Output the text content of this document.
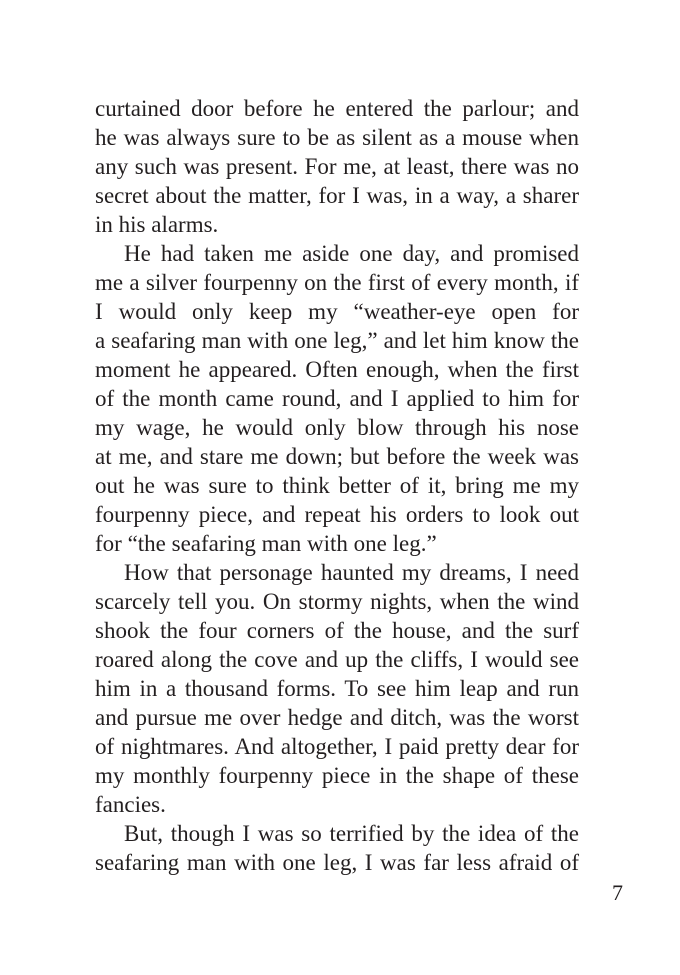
curtained door before he entered the parlour; and
he was always sure to be as silent as a mouse when
any such was present. For me, at least, there was no
secret about the matter, for I was, in a way, a sharer
in his alarms.
He had taken me aside one day, and promised
me a silver fourpenny on the first of every month, if
I would only keep my “weather-eye open for
a seafaring man with one leg,” and let him know the
moment he appeared. Often enough, when the first
of the month came round, and I applied to him for
my wage, he would only blow through his nose
at me, and stare me down; but before the week was
out he was sure to think better of it, bring me my
fourpenny piece, and repeat his orders to look out
for “the seafaring man with one leg.”
How that personage haunted my dreams, I need
scarcely tell you. On stormy nights, when the wind
shook the four corners of the house, and the surf
roared along the cove and up the cliffs, I would see
him in a thousand forms. To see him leap and run
and pursue me over hedge and ditch, was the worst
of nightmares. And altogether, I paid pretty dear for
my monthly fourpenny piece in the shape of these
fancies.
But, though I was so terrified by the idea of the
seafaring man with one leg, I was far less afraid of
7
